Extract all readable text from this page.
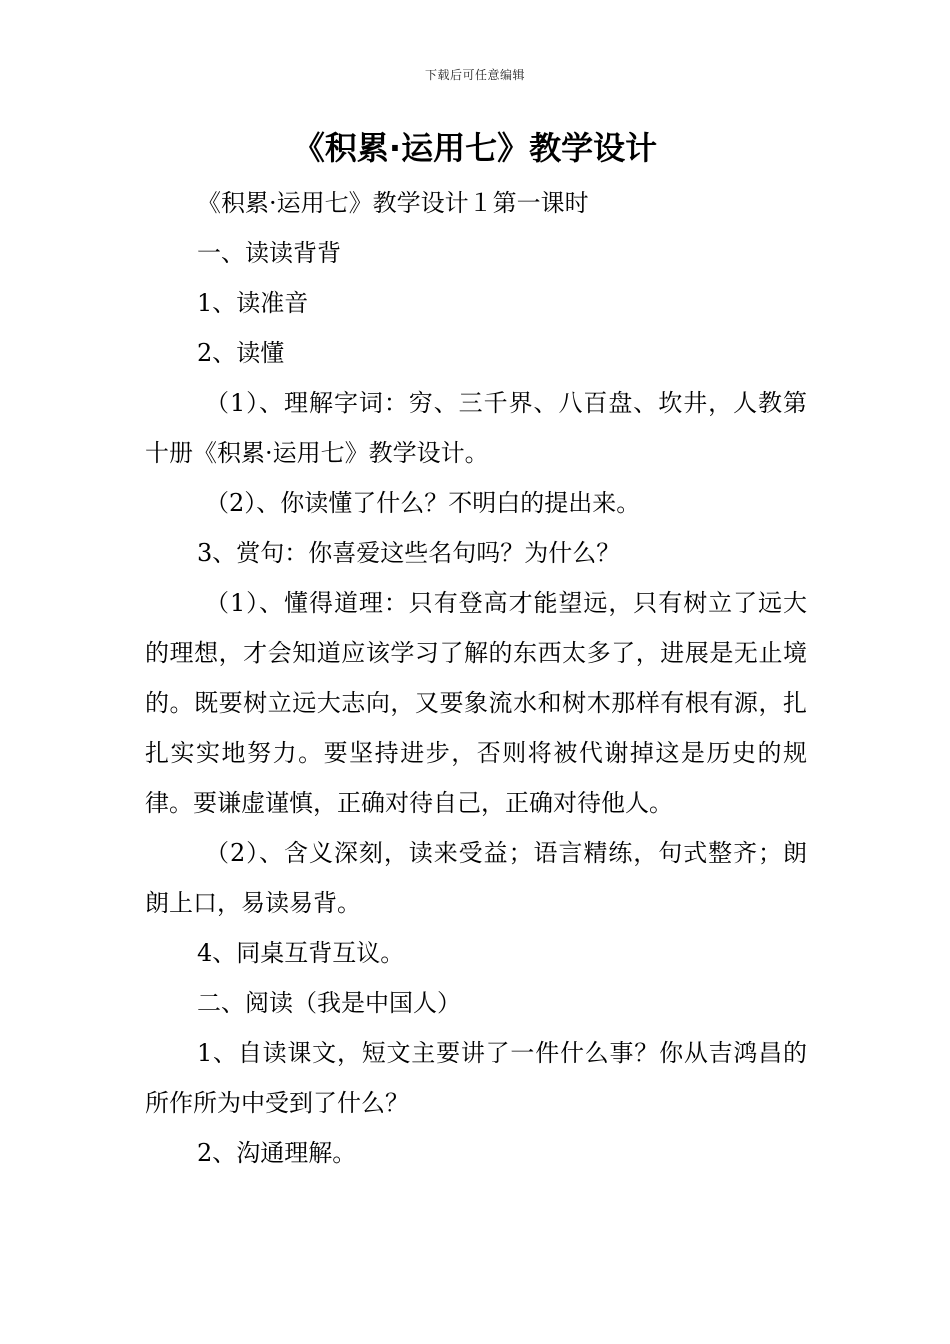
下载后可任意编辑
《积累·运用七》教学设计

《积累·运用七》教学设计１第一课时

一、读读背背

1、读准音

2、读懂

（1）、理解字词：穷、三千界、八百盘、坎井，人教第十册《积累·运用七》教学设计。

（2）、你读懂了什么？不明白的提出来。

3、赏句：你喜爱这些名句吗？为什么？

（1）、懂得道理：只有登高才能望远，只有树立了远大的理想，才会知道应该学习了解的东西太多了，进展是无止境的。既要树立远大志向，又要象流水和树木那样有根有源，扎扎实实地努力。要坚持进步，否则将被代谢掉这是历史的规律。要谦虚谨慎，正确对待自己，正确对待他人。

（2）、含义深刻，读来受益；语言精练，句式整齐；朗朗上口，易读易背。

4、同桌互背互议。

二、阅读（我是中国人）

1、自读课文，短文主要讲了一件什么事？你从吉鸿昌的所作所为中受到了什么？

2、沟通理解。
